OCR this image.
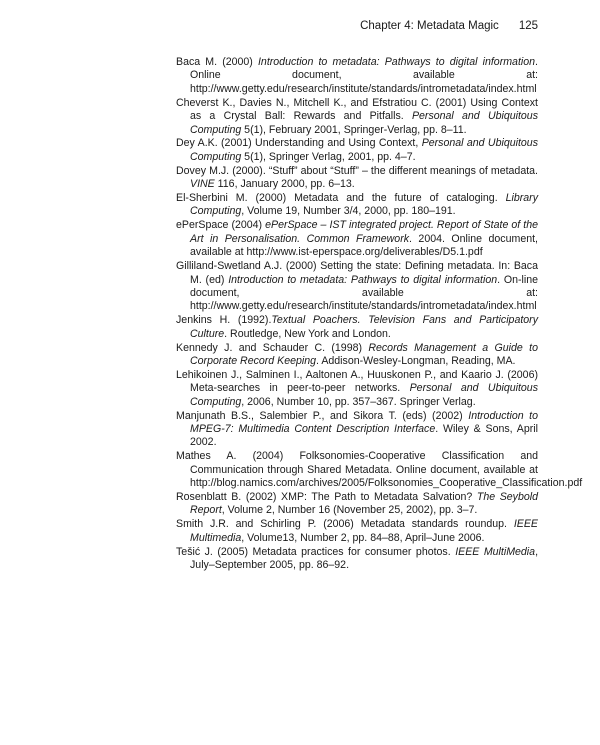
Chapter 4: Metadata Magic 125
Baca M. (2000) Introduction to metadata: Pathways to digital information. Online document, available at: http://www.getty.edu/research/institute/standards/intrometadata/index.html
Cheverst K., Davies N., Mitchell K., and Efstratiou C. (2001) Using Context as a Crystal Ball: Rewards and Pitfalls. Personal and Ubiquitous Computing 5(1), February 2001, Springer-Verlag, pp. 8–11.
Dey A.K. (2001) Understanding and Using Context, Personal and Ubiquitous Computing 5(1), Springer Verlag, 2001, pp. 4–7.
Dovey M.J. (2000). “Stuff” about “Stuff” – the different meanings of metadata. VINE 116, January 2000, pp. 6–13.
El-Sherbini M. (2000) Metadata and the future of cataloging. Library Computing, Volume 19, Number 3/4, 2000, pp. 180–191.
ePerSpace (2004) ePerSpace – IST integrated project. Report of State of the Art in Personalisation. Common Framework. 2004. Online document, available at http://www.ist-eperspace.org/deliverables/D5.1.pdf
Gilliland-Swetland A.J. (2000) Setting the state: Defining metadata. In: Baca M. (ed) Introduction to metadata: Pathways to digital information. On-line document, available at: http://www.getty.edu/research/institute/standards/intrometadata/index.html
Jenkins H. (1992).Textual Poachers. Television Fans and Participatory Culture. Routledge, New York and London.
Kennedy J. and Schauder C. (1998) Records Management a Guide to Corporate Record Keeping. Addison-Wesley-Longman, Reading, MA.
Lehikoinen J., Salminen I., Aaltonen A., Huuskonen P., and Kaario J. (2006) Meta-searches in peer-to-peer networks. Personal and Ubiquitous Computing, 2006, Number 10, pp. 357–367. Springer Verlag.
Manjunath B.S., Salembier P., and Sikora T. (eds) (2002) Introduction to MPEG-7: Multimedia Content Description Interface. Wiley & Sons, April 2002.
Mathes A. (2004) Folksonomies-Cooperative Classification and Communication through Shared Metadata. Online document, available at http://blog.namics.com/archives/2005/Folksonomies_Cooperative_Classification.pdf
Rosenblatt B. (2002) XMP: The Path to Metadata Salvation? The Seybold Report, Volume 2, Number 16 (November 25, 2002), pp. 3–7.
Smith J.R. and Schirling P. (2006) Metadata standards roundup. IEEE Multimedia, Volume13, Number 2, pp. 84–88, April–June 2006.
Tešić J. (2005) Metadata practices for consumer photos. IEEE MultiMedia, July–September 2005, pp. 86–92.
